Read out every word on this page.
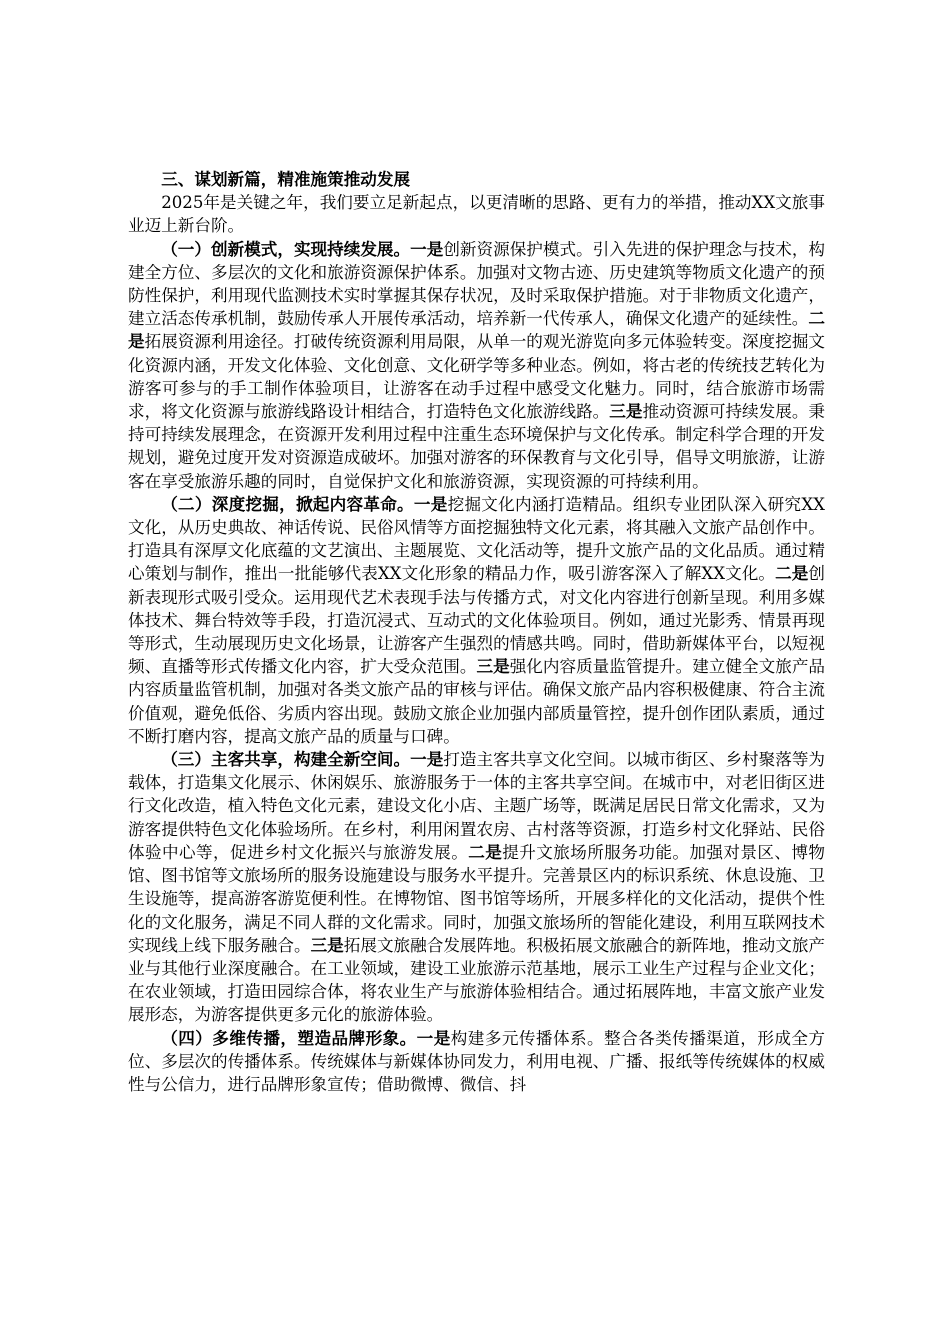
三、谋划新篇，精准施策推动发展

2025年是关键之年，我们要立足新起点，以更清晰的思路、更有力的举措，推动XX文旅事业迈上新台阶。

（一）创新模式，实现持续发展。一是创新资源保护模式。引入先进的保护理念与技术，构建全方位、多层次的文化和旅游资源保护体系。加强对文物古迹、历史建筑等物质文化遗产的预防性保护，利用现代监测技术实时掌握其保存状况，及时采取保护措施。对于非物质文化遗产，建立活态传承机制，鼓励传承人开展传承活动，培养新一代传承人，确保文化遗产的延续性。二是拓展资源利用途径。打破传统资源利用局限，从单一的观光游览向多元体验转变。深度挖掘文化资源内涵，开发文化体验、文化创意、文化研学等多种业态。例如，将古老的传统技艺转化为游客可参与的手工制作体验项目，让游客在动手过程中感受文化魅力。同时，结合旅游市场需求，将文化资源与旅游线路设计相结合，打造特色文化旅游线路。三是推动资源可持续发展。秉持可持续发展理念，在资源开发利用过程中注重生态环境保护与文化传承。制定科学合理的开发规划，避免过度开发对资源造成破坏。加强对游客的环保教育与文化引导，倡导文明旅游，让游客在享受旅游乐趣的同时，自觉保护文化和旅游资源，实现资源的可持续利用。

（二）深度挖掘，掀起内容革命。一是挖掘文化内涵打造精品。组织专业团队深入研究XX文化，从历史典故、神话传说、民俗风情等方面挖掘独特文化元素，将其融入文旅产品创作中。打造具有深厚文化底蕴的文艺演出、主题展览、文化活动等，提升文旅产品的文化品质。通过精心策划与制作，推出一批能够代表XX文化形象的精品力作，吸引游客深入了解XX文化。二是创新表现形式吸引受众。运用现代艺术表现手法与传播方式，对文化内容进行创新呈现。利用多媒体技术、舞台特效等手段，打造沉浸式、互动式的文化体验项目。例如，通过光影秀、情景再现等形式，生动展现历史文化场景，让游客产生强烈的情感共鸣。同时，借助新媒体平台，以短视频、直播等形式传播文化内容，扩大受众范围。三是强化内容质量监管提升。建立健全文旅产品内容质量监管机制，加强对各类文旅产品的审核与评估。确保文旅产品内容积极健康、符合主流价值观，避免低俗、劣质内容出现。鼓励文旅企业加强内部质量管控，提升创作团队素质，通过不断打磨内容，提高文旅产品的质量与口碑。

（三）主客共享，构建全新空间。一是打造主客共享文化空间。以城市街区、乡村聚落等为载体，打造集文化展示、休闲娱乐、旅游服务于一体的主客共享空间。在城市中，对老旧街区进行文化改造，植入特色文化元素，建设文化小店、主题广场等，既满足居民日常文化需求，又为游客提供特色文化体验场所。在乡村，利用闲置农房、古村落等资源，打造乡村文化驿站、民俗体验中心等，促进乡村文化振兴与旅游发展。二是提升文旅场所服务功能。加强对景区、博物馆、图书馆等文旅场所的服务设施建设与服务水平提升。完善景区内的标识系统、休息设施、卫生设施等，提高游客游览便利性。在博物馆、图书馆等场所，开展多样化的文化活动，提供个性化的文化服务，满足不同人群的文化需求。同时，加强文旅场所的智能化建设，利用互联网技术实现线上线下服务融合。三是拓展文旅融合发展阵地。积极拓展文旅融合的新阵地，推动文旅产业与其他行业深度融合。在工业领域，建设工业旅游示范基地，展示工业生产过程与企业文化；在农业领域，打造田园综合体，将农业生产与旅游体验相结合。通过拓展阵地，丰富文旅产业发展形态，为游客提供更多元化的旅游体验。

（四）多维传播，塑造品牌形象。一是构建多元传播体系。整合各类传播渠道，形成全方位、多层次的传播体系。传统媒体与新媒体协同发力，利用电视、广播、报纸等传统媒体的权威性与公信力，进行品牌形象宣传；借助微博、微信、抖
